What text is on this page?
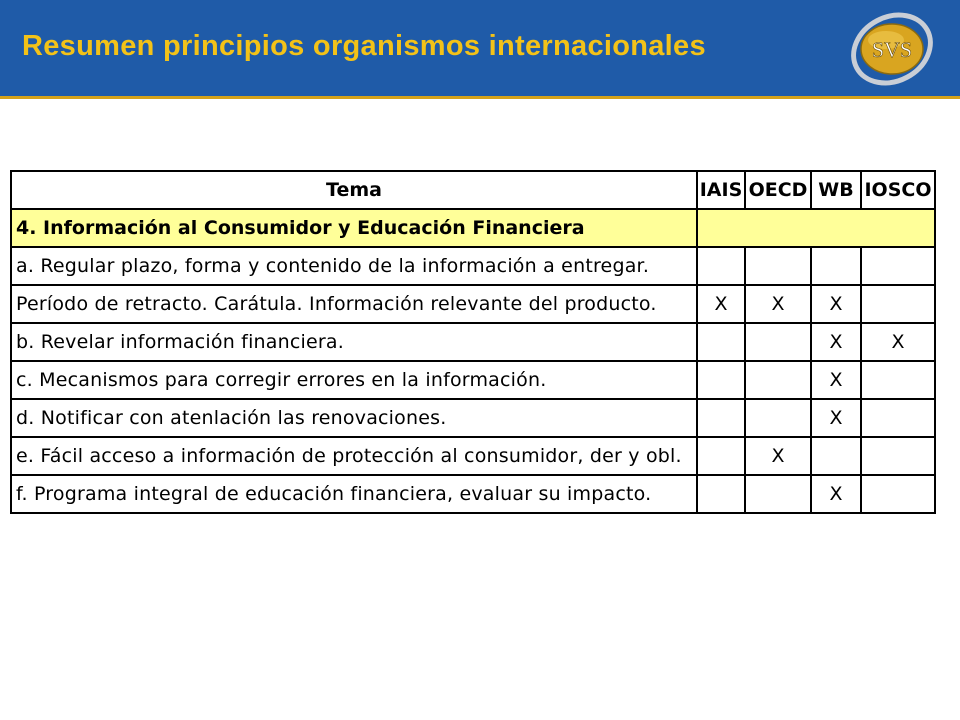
Resumen principios organismos internacionales	SVS
Tema	IAIS	OECD	WB	IOSCO
4. Información al Consumidor y Educación Financiera				
a. Regular plazo, forma y contenido de la información a entregar.				
Período de retracto. Carátula. Información relevante del producto.	X	X	X	
b. Revelar información financiera.			X	X
c. Mecanismos para corregir errores en la información.			X	
d. Notificar con atenlación las renovaciones.			X	
e. Fácil acceso a información de protección al consumidor, der y obl.		X		
f. Programa integral de educación financiera, evaluar su impacto.			X	
